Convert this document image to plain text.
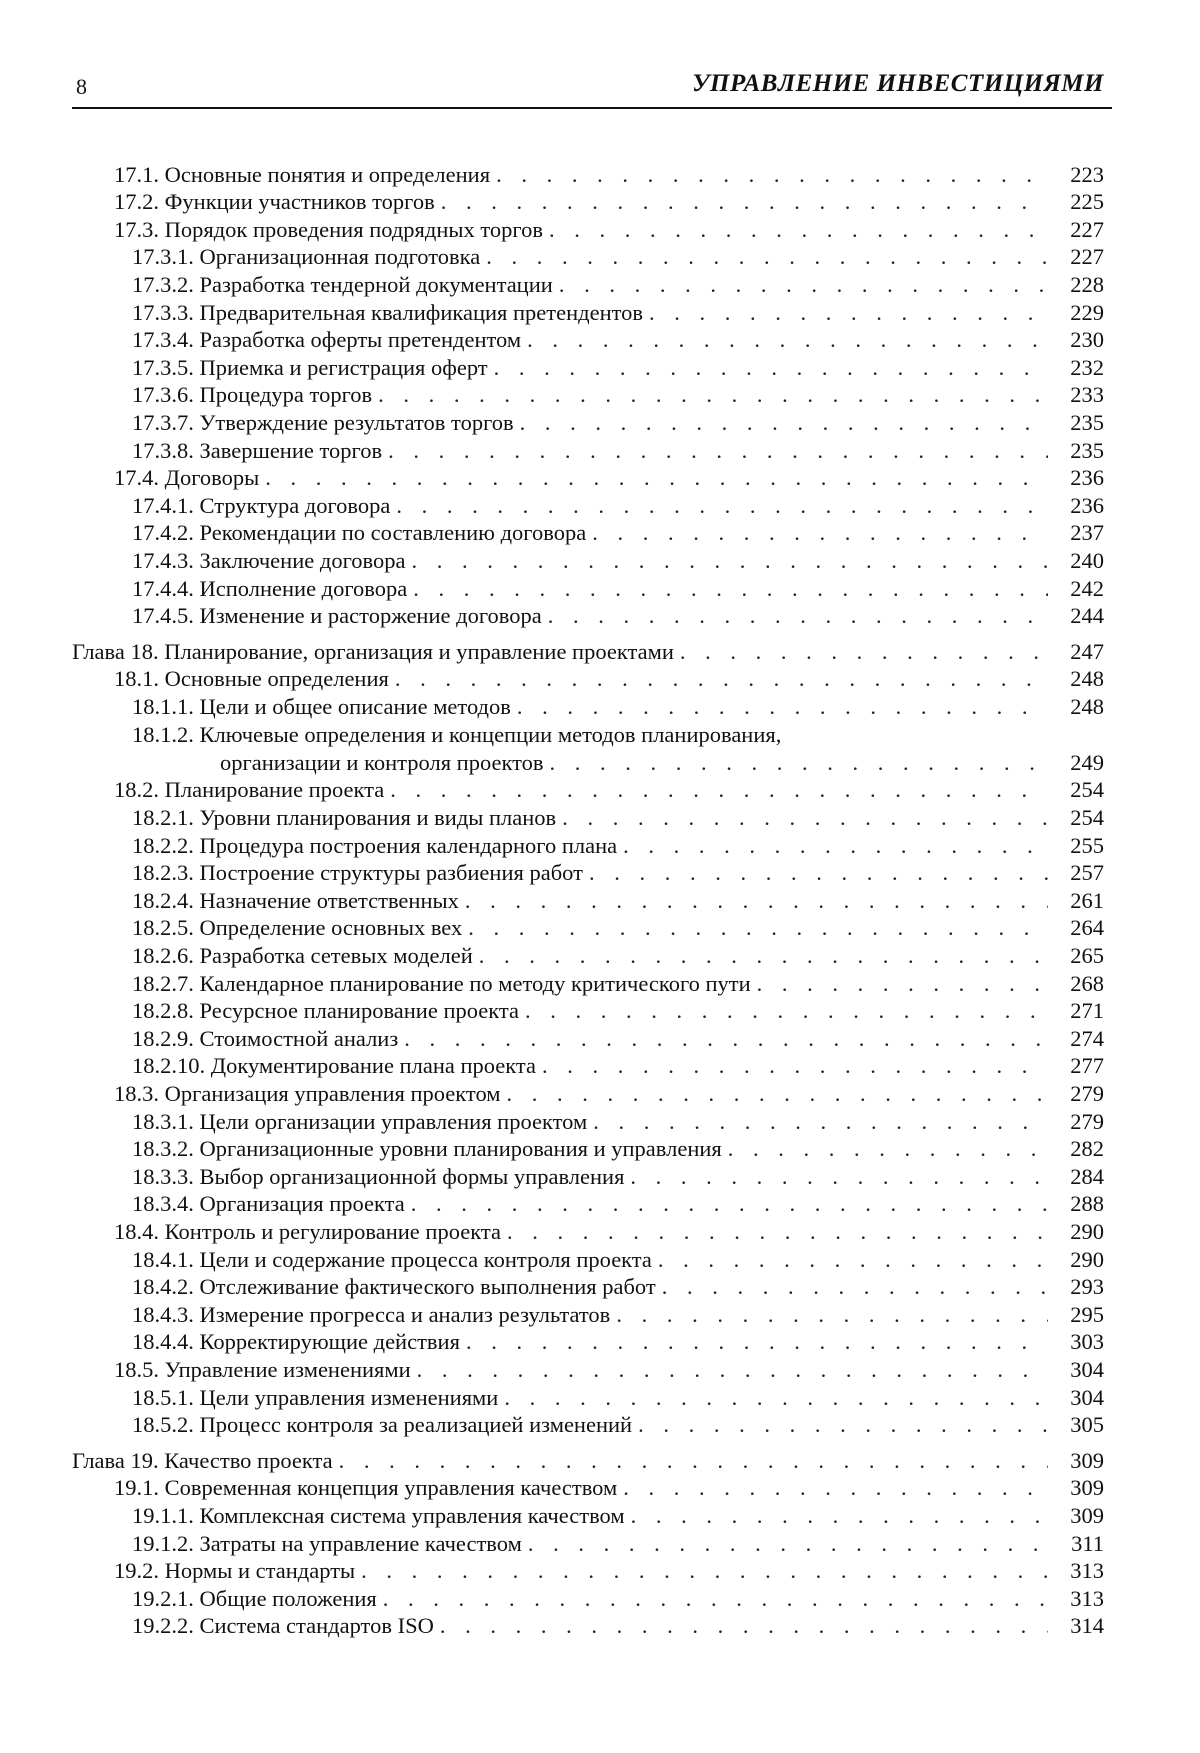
8	УПРАВЛЕНИЕ ИНВЕСТИЦИЯМИ
17.1. Основные понятия и определения . . .	223
17.2. Функции участников торгов . . .	225
17.3. Порядок проведения подрядных торгов . . .	227
17.3.1. Организационная подготовка . . .	227
17.3.2. Разработка тендерной документации . . .	228
17.3.3. Предварительная квалификация претендентов . . .	229
17.3.4. Разработка оферты претендентом . . .	230
17.3.5. Приемка и регистрация оферт . . .	232
17.3.6. Процедура торгов . . .	233
17.3.7. Утверждение результатов торгов . . .	235
17.3.8. Завершение торгов . . .	235
17.4. Договоры . . .	236
17.4.1. Структура договора . . .	236
17.4.2. Рекомендации по составлению договора . . .	237
17.4.3. Заключение договора . . .	240
17.4.4. Исполнение договора . . .	242
17.4.5. Изменение и расторжение договора . . .	244
Глава 18. Планирование, организация и управление проектами . . .	247
18.1. Основные определения . . .	248
18.1.1. Цели и общее описание методов . . .	248
18.1.2. Ключевые определения и концепции методов планирования,
организации и контроля проектов . . .	249
18.2. Планирование проекта . . .	254
18.2.1. Уровни планирования и виды планов . . .	254
18.2.2. Процедура построения календарного плана . . .	255
18.2.3. Построение структуры разбиения работ . . .	257
18.2.4. Назначение ответственных . . .	261
18.2.5. Определение основных вех . . .	264
18.2.6. Разработка сетевых моделей . . .	265
18.2.7. Календарное планирование по методу критического пути . . .	268
18.2.8. Ресурсное планирование проекта . . .	271
18.2.9. Стоимостной анализ . . .	274
18.2.10. Документирование плана проекта . . .	277
18.3. Организация управления проектом . . .	279
18.3.1. Цели организации управления проектом . . .	279
18.3.2. Организационные уровни планирования и управления . . .	282
18.3.3. Выбор организационной формы управления . . .	284
18.3.4. Организация проекта . . .	288
18.4. Контроль и регулирование проекта . . .	290
18.4.1. Цели и содержание процесса контроля проекта . . .	290
18.4.2. Отслеживание фактического выполнения работ . . .	293
18.4.3. Измерение прогресса и анализ результатов . . .	295
18.4.4. Корректирующие действия . . .	303
18.5. Управление изменениями . . .	304
18.5.1. Цели управления изменениями . . .	304
18.5.2. Процесс контроля за реализацией изменений . . .	305
Глава 19. Качество проекта . . .	309
19.1. Современная концепция управления качеством . . .	309
19.1.1. Комплексная система управления качеством . . .	309
19.1.2. Затраты на управление качеством . . .	311
19.2. Нормы и стандарты . . .	313
19.2.1. Общие положения . . .	313
19.2.2. Система стандартов ISO . . .	314
